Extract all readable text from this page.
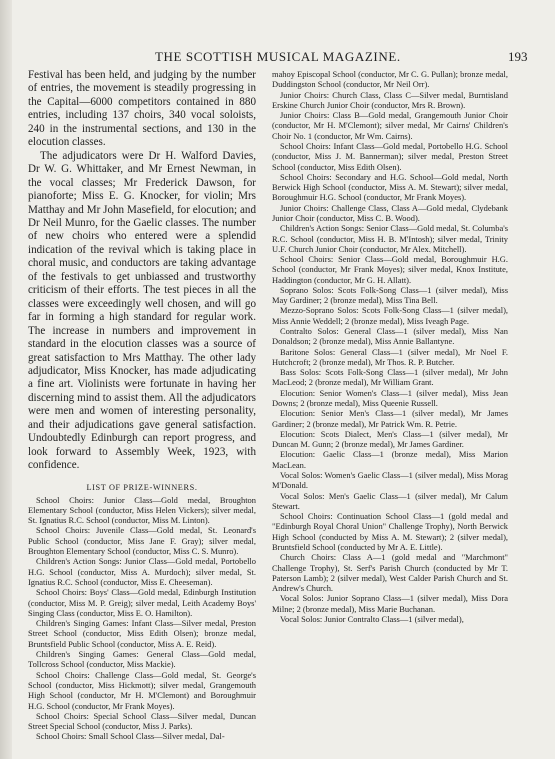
THE SCOTTISH MUSICAL MAGAZINE.	193

Festival has been held, and judging by the number of entries, the movement is steadily progressing in the Capital—6000 competitors contained in 880 entries, including 137 choirs, 340 vocal soloists, 240 in the instrumental sections, and 130 in the elocution classes.

The adjudicators were Dr H. Walford Davies, Dr W. G. Whittaker, and Mr Ernest Newman, in the vocal classes; Mr Frederick Dawson, for pianoforte; Miss E. G. Knocker, for violin; Mrs Matthay and Mr John Masefield, for elocution; and Dr Neil Munro, for the Gaelic classes. The number of new choirs who entered were a splendid indication of the revival which is taking place in choral music, and conductors are taking advantage of the festivals to get unbiassed and trustworthy criticism of their efforts. The test pieces in all the classes were exceedingly well chosen, and will go far in forming a high standard for regular work. The increase in numbers and improvement in standard in the elocution classes was a source of great satisfaction to Mrs Matthay. The other lady adjudicator, Miss Knocker, has made adjudicating a fine art. Violinists were fortunate in having her discerning mind to assist them. All the adjudicators were men and women of interesting personality, and their adjudications gave general satisfaction. Undoubtedly Edinburgh can report progress, and look forward to Assembly Week, 1923, with confidence.

LIST OF PRIZE-WINNERS.

School Choirs: Junior Class—Gold medal, Broughton Elementary School (conductor, Miss Helen Vickers); silver medal, St. Ignatius R.C. School (conductor, Miss M. Linton).

School Choirs: Juvenile Class—Gold medal, St. Leonard's Public School (conductor, Miss Jane F. Gray); silver medal, Broughton Elementary School (conductor, Miss C. S. Munro).

Children's Action Songs: Junior Class—Gold medal, Portobello H.G. School (conductor, Miss A. Murdoch); silver medal, St. Ignatius R.C. School (conductor, Miss E. Cheeseman).

School Choirs: Boys' Class—Gold medal, Edinburgh Institution (conductor, Miss M. P. Greig); silver medal, Leith Academy Boys' Singing Class (conductor, Miss E. O. Hamilton).

Children's Singing Games: Infant Class—Silver medal, Preston Street School (conductor, Miss Edith Olsen); bronze medal, Bruntsfield Public School (conductor, Miss A. E. Reid).

Children's Singing Games: General Class—Gold medal, Tollcross School (conductor, Miss Mackie).

School Choirs: Challenge Class—Gold medal, St. George's School (conductor, Miss Hickmott); silver medal, Grangemouth High School (conductor, Mr H. M'Clemont) and Boroughmuir H.G. School (conductor, Mr Frank Moyes).

School Choirs: Special School Class—Silver medal, Duncan Street Special School (conductor, Miss J. Parks).

School Choirs: Small School Class—Silver medal, Dal-

mahoy Episcopal School (conductor, Mr C. G. Pullan); bronze medal, Duddingston School (conductor, Mr Neil Orr).

Junior Choirs: Church Class, Class C—Silver medal, Burntisland Erskine Church Junior Choir (conductor, Mrs R. Brown).

Junior Choirs: Class B—Gold medal, Grangemouth Junior Choir (conductor, Mr H. M'Clemont); silver medal, Mr Cairns' Children's Choir No. 1 (conductor, Mr Wm. Cairns).

School Choirs: Infant Class—Gold medal, Portobello H.G. School (conductor, Miss J. M. Bannerman); silver medal, Preston Street School (conductor, Miss Edith Olsen).

School Choirs: Secondary and H.G. School—Gold medal, North Berwick High School (conductor, Miss A. M. Stewart); silver medal, Boroughmuir H.G. School (conductor, Mr Frank Moyes).

Junior Choirs: Challenge Class, Class A—Gold medal, Clydebank Junior Choir (conductor, Miss C. B. Wood).

Children's Action Songs: Senior Class—Gold medal, St. Columba's R.C. School (conductor, Miss H. B. M'Intosh); silver medal, Trinity U.F. Church Junior Choir (conductor, Mr Alex. Mitchell).

School Choirs: Senior Class—Gold medal, Boroughmuir H.G. School (conductor, Mr Frank Moyes); silver medal, Knox Institute, Haddington (conductor, Mr G. H. Allatt).

Soprano Solos: Scots Folk-Song Class—1 (silver medal), Miss May Gardiner; 2 (bronze medal), Miss Tina Bell.

Mezzo-Soprano Solos: Scots Folk-Song Class—1 (silver medal), Miss Annie Weddell; 2 (bronze medal), Miss Iveagh Page.

Contralto Solos: General Class—1 (silver medal), Miss Nan Donaldson; 2 (bronze medal), Miss Annie Ballantyne.

Baritone Solos: General Class—1 (silver medal), Mr Noel F. Hutchcroft; 2 (bronze medal), Mr Thos. R. P. Butcher.

Bass Solos: Scots Folk-Song Class—1 (silver medal), Mr John MacLeod; 2 (bronze medal), Mr William Grant.

Elocution: Senior Women's Class—1 (silver medal), Miss Jean Downs; 2 (bronze medal), Miss Queenie Russell.

Elocution: Senior Men's Class—1 (silver medal), Mr James Gardiner; 2 (bronze medal), Mr Patrick Wm. R. Petrie.

Elocution: Scots Dialect, Men's Class—1 (silver medal), Mr Duncan M. Gunn; 2 (bronze medal), Mr James Gardiner.

Elocution: Gaelic Class—1 (bronze medal), Miss Marion MacLean.

Vocal Solos: Women's Gaelic Class—1 (silver medal), Miss Morag M'Donald.

Vocal Solos: Men's Gaelic Class—1 (silver medal), Mr Calum Stewart.

School Choirs: Continuation School Class—1 (gold medal and "Edinburgh Royal Choral Union" Challenge Trophy), North Berwick High School (conducted by Miss A. M. Stewart); 2 (silver medal), Bruntsfield School (conducted by Mr A. E. Little).

Church Choirs: Class A—1 (gold medal and "Marchmont" Challenge Trophy), St. Serf's Parish Church (conducted by Mr T. Paterson Lamb); 2 (silver medal), West Calder Parish Church and St. Andrew's Church.

Vocal Solos: Junior Soprano Class—1 (silver medal), Miss Dora Milne; 2 (bronze medal), Miss Marie Buchanan.

Vocal Solos: Junior Contralto Class—1 (silver medal),
